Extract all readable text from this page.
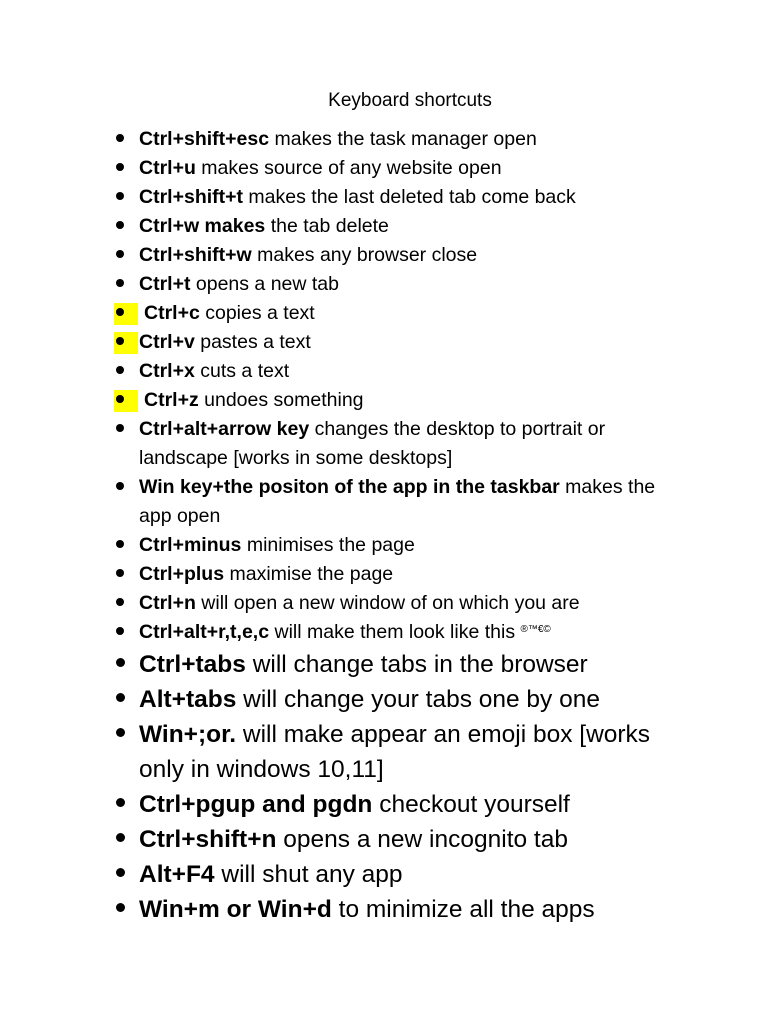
Keyboard shortcuts
Ctrl+shift+esc makes the task manager open
Ctrl+u makes source of any website open
Ctrl+shift+t makes the last deleted tab come back
Ctrl+w makes the tab delete
Ctrl+shift+w makes any browser close
Ctrl+t opens a new tab
Ctrl+c copies a text
Ctrl+v pastes a text
Ctrl+x cuts a text
Ctrl+z undoes something
Ctrl+alt+arrow key changes the desktop to portrait or landscape [works in some desktops]
Win key+the positon of the app in the taskbar makes the app open
Ctrl+minus minimises the page
Ctrl+plus maximise the page
Ctrl+n will open a new window of on which you are
Ctrl+alt+r,t,e,c will make them look like this ®™€©
Ctrl+tabs will change tabs in the browser
Alt+tabs will change your tabs one by one
Win+;or. will make appear an emoji box [works only in windows 10,11]
Ctrl+pgup and pgdn checkout yourself
Ctrl+shift+n opens a new incognito tab
Alt+F4 will shut any app
Win+m or Win+d to minimize all the apps
